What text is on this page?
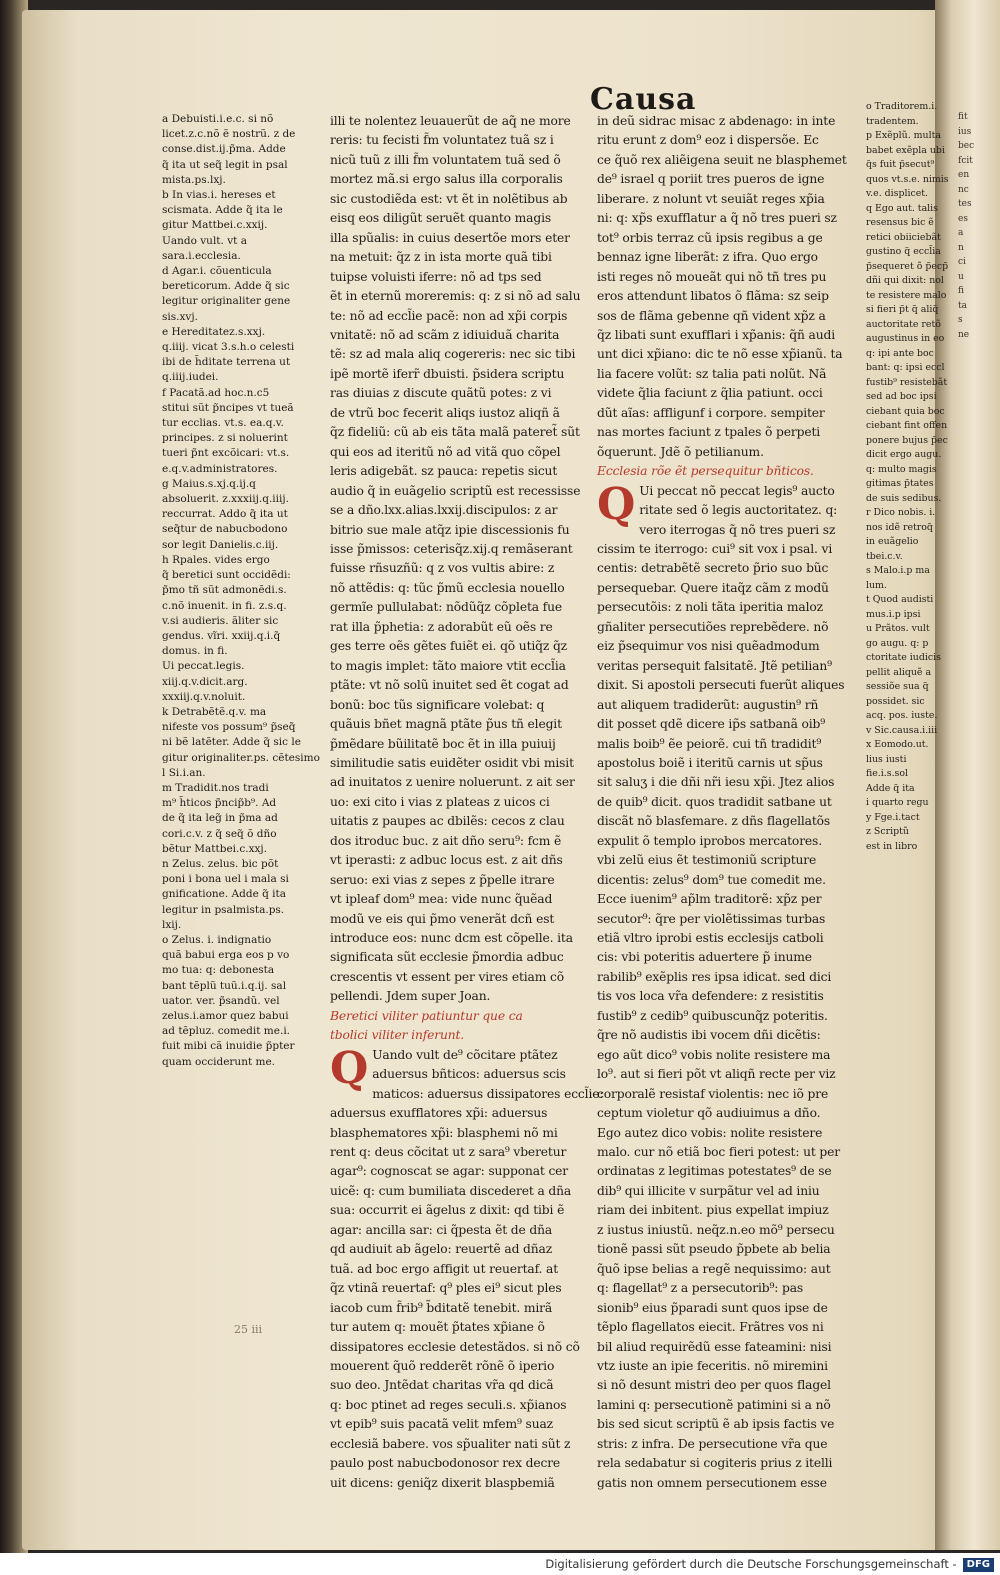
Causa
a Debuisti.i.e.c. si nõ
licet.z.c.nõ ẽ nostrũ. z de
conse.dist.ij.p̃ma. Adde
q̃ ita ut seq̃ legit in psal
mista.ps.lxj.
b In vias.i. hereses et
scismata. Adde q̃ ita le
gitur Mattbei.c.xxij.
Uando vult. vt a
sara.i.ecclesia.
d Agar.i. cõuenticula
bereticorum. Adde q̃ sic
legitur originaliter gene
sis.xvj.
e Hereditatez.s.xxj.
q.iiij. vicat 3.s.h.o celesti
ibi de h̃ditate terrena ut
q.iiij.iudei.
f Pacatã.ad hoc.n.c5
stitui sũt p̃ncipes vt tueã
tur ecclias. vt.s. ea.q.v.
principes. z si noluerint
tueri p̃nt excõicari: vt.s.
e.q.v.administratores.
g Maius.s.xj.q.ij.q
absoluerit. z.xxxiij.q.iiij.
reccurrat. Addo q̃ ita ut
seq̃tur de nabucbodono
sor legit Danielis.c.iij.
h Rpales. vides ergo
q̃ beretici sunt occidẽdi:
p̃mo tñ sũt admonẽdi.s.
c.nõ inuenit. in fi. z.s.q.
v.si audieris. ãliter sic
gendus. vĩri. xxiij.q.i.q̃
domus. in fi.
Ui peccat.legis.
xiij.q.v.dicit.arg.
xxxiij.q.v.noluit.
k Detrabẽtẽ.q.v. ma
nifeste vos possum⁹ p̃seq̃
ni bẽ latẽter. Adde q̃ sic le
gitur originaliter.ps. cẽtesimo
l Si.i.an.
m Tradidit.nos tradi
m⁹ h̃ticos p̃ncip̃b⁹. Ad
de q̃ ita leg̃ in p̃ma ad
cori.c.v. z q̃ seq̃ õ dño
bẽtur Mattbei.c.xxj.
n Zelus. zelus. bic põt
poni i bona uel i mala si
gnificatione. Adde q̃ ita
legitur in psalmista.ps.
lxij.
o Zelus. i. indignatio
quã babui erga eos p vo
mo tua: q: debonesta
bant tẽplũ tuũ.i.q.ij. sal
uator. ver. p̃sandũ. vel
zelus.i.amor quez babui
ad tẽpluz. comedit me.i.
fuit mibi cã inuidie p̃pter
quam occiderunt me.
illi te nolentez leuauerũt de aq̃ ne more
reris: tu fecisti f̃m voluntatez tuã sz i
nicũ tuũ z illi f̃m voluntatem tuã sed õ
mortez mã.si ergo salus illa corporalis
sic custodiẽda est: vt ẽt in nolẽtibus ab
eisq eos diligũt seruẽt quanto magis
illa spũalis: in cuius desertõe mors eter
na metuit: q̃z z in ista morte quã tibi
tuipse voluisti iferre: nõ ad tps sed
ẽt in eternũ moreremis: q: z si nõ ad salu
te: nõ ad eccl̃ie pacẽ: non ad xp̃i corpis
vnitatẽ: nõ ad scãm z idiuiduã charita
tẽ: sz ad mala aliq cogereris: nec sic tibi
ipẽ mortẽ iferr̃ dbuisti. p̃sidera scriptu
ras diuias z discute quãtũ potes: z vi
de vtrũ boc fecerit aliqs iustoz aliqñ ã
q̃z fideliũ: cũ ab eis tãta malã pateret̃ sũt
qui eos ad iteritũ nõ ad vitã quo cõpel
leris adigebãt. sz pauca: repetis sicut
audio q̃ in euãgelio scriptũ est recessisse
se a dño.lxx.alias.lxxij.discipulos: z ar
bitrio sue male atq̃z ipie discessionis fu
isse p̃missos: ceterisq̃z.xij.q remãserant
fuisse rñsuzñũ: q z vos vultis abire: z
nõ attẽdis: q: tũc p̃mũ ecclesia nouello
germĩe pullulabat: nõdũq̃z cõpleta fue
rat illa p̃phetia: z adorabũt eũ oẽs re
ges terre oẽs gẽtes fuiẽt ei. qõ utiq̃z q̃z
to magis implet: tãto maiore vtit eccl̃ia
ptãte: vt nõ solũ inuitet sed ẽt cogat ad
bonũ: boc tũs significare volebat: q
quãuis bñet magnã ptãte p̃us tñ elegit
p̃mẽdare bũilitatẽ boc ẽt in illa puiuij
similitudie satis euidẽter osidit vbi misit
ad inuitatos z uenire noluerunt. z ait ser
uo: exi cito i vias z plateas z uicos ci
uitatis z paupes ac dbilẽs: cecos z clau
dos itroduc buc. z ait dño seru⁹: fcm ẽ
vt iperasti: z adbuc locus est. z ait dñs
seruo: exi vias z sepes z p̃pelle itrare
vt ipleaf dom⁹ mea: vide nunc q̃uẽad
modũ ve eis qui p̃mo venerãt dcñ est
introduce eos: nunc dcm est cõpelle. ita
significata sũt ecclesie p̃mordia adbuc
crescentis vt essent per vires etiam cõ
pellendi. Jdem super Joan.
Beretici viliter patiuntur que ca
tbolici viliter inferunt.
Q Uando vult de⁹ cõcitare ptãtez
aduersus bñticos: aduersus scis
maticos: aduersus dissipatores eccl̃ie:
aduersus exufflatores xp̃i: aduersus
blasphematores xp̃i: blasphemi nõ mi
rent q: deus cõcitat ut z sara⁹ vberetur
agar⁹: cognoscat se agar: supponat cer
uicẽ: q: cum bumiliata discederet a dña
sua: occurrit ei ãgelus z dixit: qd tibi ẽ
agar: ancilla sar: ci q̃pesta ẽt de dña
qd audiuit ab ãgelo: reuertẽ ad dñaz
tuã. ad boc ergo affigit ut reuertaf. at
q̃z vtinã reuertaf: q⁹ ples ei⁹ sicut ples
iacob cum f̃rib⁹ b̃ditatẽ tenebit. mirã
tur autem q: mouẽt p̃tates xp̃iane õ
dissipatores ecclesie detestãdos. si nõ cõ
mouerent q̃uõ redderẽt rõnẽ õ iperio
suo deo. Jntẽdat charitas vr̃a qd dicã
q: boc ptinet ad reges seculi.s. xp̃ianos
vt epib⁹ suis pacatã velit mfem⁹ suaz
ecclesiã babere. vos sp̃ualiter nati sũt z
paulo post nabucbodonosor rex decre
uit dicens: geniq̃z dixerit blaspbemiã
in deũ sidrac misac z abdenago: in inte
ritu erunt z dom⁹ eoz i dispersõe. Ec
ce q̃uõ rex aliẽigena seuit ne blasphemet
de⁹ israel q poriit tres pueros de igne
liberare. z nolunt vt seuiãt reges xp̃ia
ni: q: xp̃s exufflatur a q̃ nõ tres pueri sz
tot⁹ orbis terraz cũ ipsis regibus a ge
bennaz igne liberãt: z ifra. Quo ergo
isti reges nõ moueãt qui nõ tñ tres pu
eros attendunt libatos õ flãma: sz seip
sos de flãma gebenne qñ vident xp̃z a
q̃z libati sunt exufflari i xp̃anis: q̃ñ audi
unt dici xp̃iano: dic te nõ esse xp̃ianũ. ta
lia facere volũt: sz talia pati nolũt. Nã
videte q̃lia faciunt z q̃lia patiunt. occi
dũt aĩas: affligunf i corpore. sempiter
nas mortes faciunt z tpales õ perpeti
õquerunt. Jdẽ õ petilianum.
Ecclesia rõe ẽt persequitur bñticos.
Q Ui peccat nõ peccat legis⁹ aucto
ritate sed õ legis auctoritatez. q:
vero iterrogas q̃ nõ tres pueri sz
cissim te iterrogo: cui⁹ sit vox i psal. vi
centis: detrabẽtẽ secreto p̃rio suo bũc
persequebar. Quere itaq̃z cãm z modũ
persecutõis: z noli tãta iperitia maloz
gñaliter persecutiões reprebẽdere. nõ
eiz p̃sequimur vos nisi quẽadmodum
veritas persequit falsitatẽ. Jtẽ petilian⁹
dixit. Si apostoli persecuti fuerũt aliques
aut aliquem tradiderũt: augustin⁹ rñ
dit posset qdẽ dicere ip̃s satbanã oib⁹
malis boib⁹ ẽe peiorẽ. cui tñ tradidit⁹
apostolus boiẽ i iteritũ carnis ut sp̃us
sit saluʒ i die dñi nr̃i iesu xp̃i. Jtez alios
de quib⁹ dicit. quos tradidit satbane ut
discãt nõ blasfemare. z dñs flagellatõs
expulit õ templo iprobos mercatores.
vbi zelũ eius ẽt testimoniũ scripture
dicentis: zelus⁹ dom⁹ tue comedit me.
Ecce iuenim⁹ ap̃lm traditorẽ: xp̃z per
secutor⁹: q̃re per violẽtissimas turbas
etiã vltro iprobi estis ecclesijs catboli
cis: vbi poteritis aduertere p̃ inume
rabilib⁹ exẽplis res ipsa idicat. sed dici
tis vos loca vr̃a defendere: z resistitis
fustib⁹ z cedib⁹ quibuscunq̃z poteritis.
q̃re nõ audistis ibi vocem dñi dicẽtis:
ego aũt dico⁹ vobis nolite resistere ma
lo⁹. aut si fieri põt vt aliqñ recte per viz
corporalẽ resistaf violentis: nec iõ pre
ceptum violetur qõ audiuimus a dño.
Ego autez dico vobis: nolite resistere
malo. cur nõ etiã boc fieri potest: ut per
ordinatas z legitimas potestates⁹ de se
dib⁹ qui illicite v surpãtur vel ad iniu
riam dei inbitent. pius expellat impiuz
z iustus iniustũ. neq̃z.n.eo mõ⁹ persecu
tionẽ passi sũt pseudo p̃pbete ab belia
q̃uõ ipse belias a regẽ nequissimo: aut
q: flagellat⁹ z a persecutorib⁹: pas
sionib⁹ eius p̃paradi sunt quos ipse de
tẽplo flagellatos eiecit. Frãtres vos ni
bil aliud requirẽdũ esse fateamini: nisi
vtz iuste an ipie feceritis. nõ miremini
si nõ desunt mistri deo per quos flagel
lamini q: persecutionẽ patimini si a nõ
bis sed sicut scriptũ ẽ ab ipsis factis ve
stris: z infra. De persecutione vr̃a que
rela sedabatur si cogiteris prius z itelli
gatis non omnem persecutionem esse
o Traditorem.i.
tradentem.
p Exẽplũ. multa
babet exẽpla ubi
q̃s fuit p̃secut⁹
quos vt.s.e. nimis
v.e. displicet.
q Ego aut. talis
resensus bic ẽ
retici obiiciebãt
gustino q̃ eccl̃ia
p̃sequeret õ p̃ecp̃
dñi qui dixit: nol
te resistere malo
si fieri p̃t q̃ aliq̃
auctoritate retõ
augustinus in eo
q: ipi ante boc
bant: q: ipsi eccl
fustib⁹ resistebãt
sed ad boc ipsi
ciebant quia boc
ciebant fint offen
ponere bujus p̃ec
dicit ergo augu.
q: multo magis
gitimas p̃tates
de suis sedibus.
r Dico nobis. i.
nos idẽ retroq̃
in euãgelio
tbei.c.v.
s Malo.i.p ma
lum.
t Quod audisti
mus.i.p ipsi
u Prãtos. vult
go augu. q: p
ctoritate iudicis
pellit aliquẽ a
sessiõe sua q̃
possidet. sic
acq. pos. iuste.
v Sic.causa.i.iii
x Eomodo.ut.
lius iusti
fie.i.s.sol
Adde q̃ ita
i quarto regu
y Fge.i.tact
z Scriptũ
est in libro
fit
ius
bec
fcit
en
nc
tes
es
a
n
ci
u
fi
ta
s
ne
25 iii
Digitalisierung gefördert durch die Deutsche Forschungsgemeinschaft - DFG
